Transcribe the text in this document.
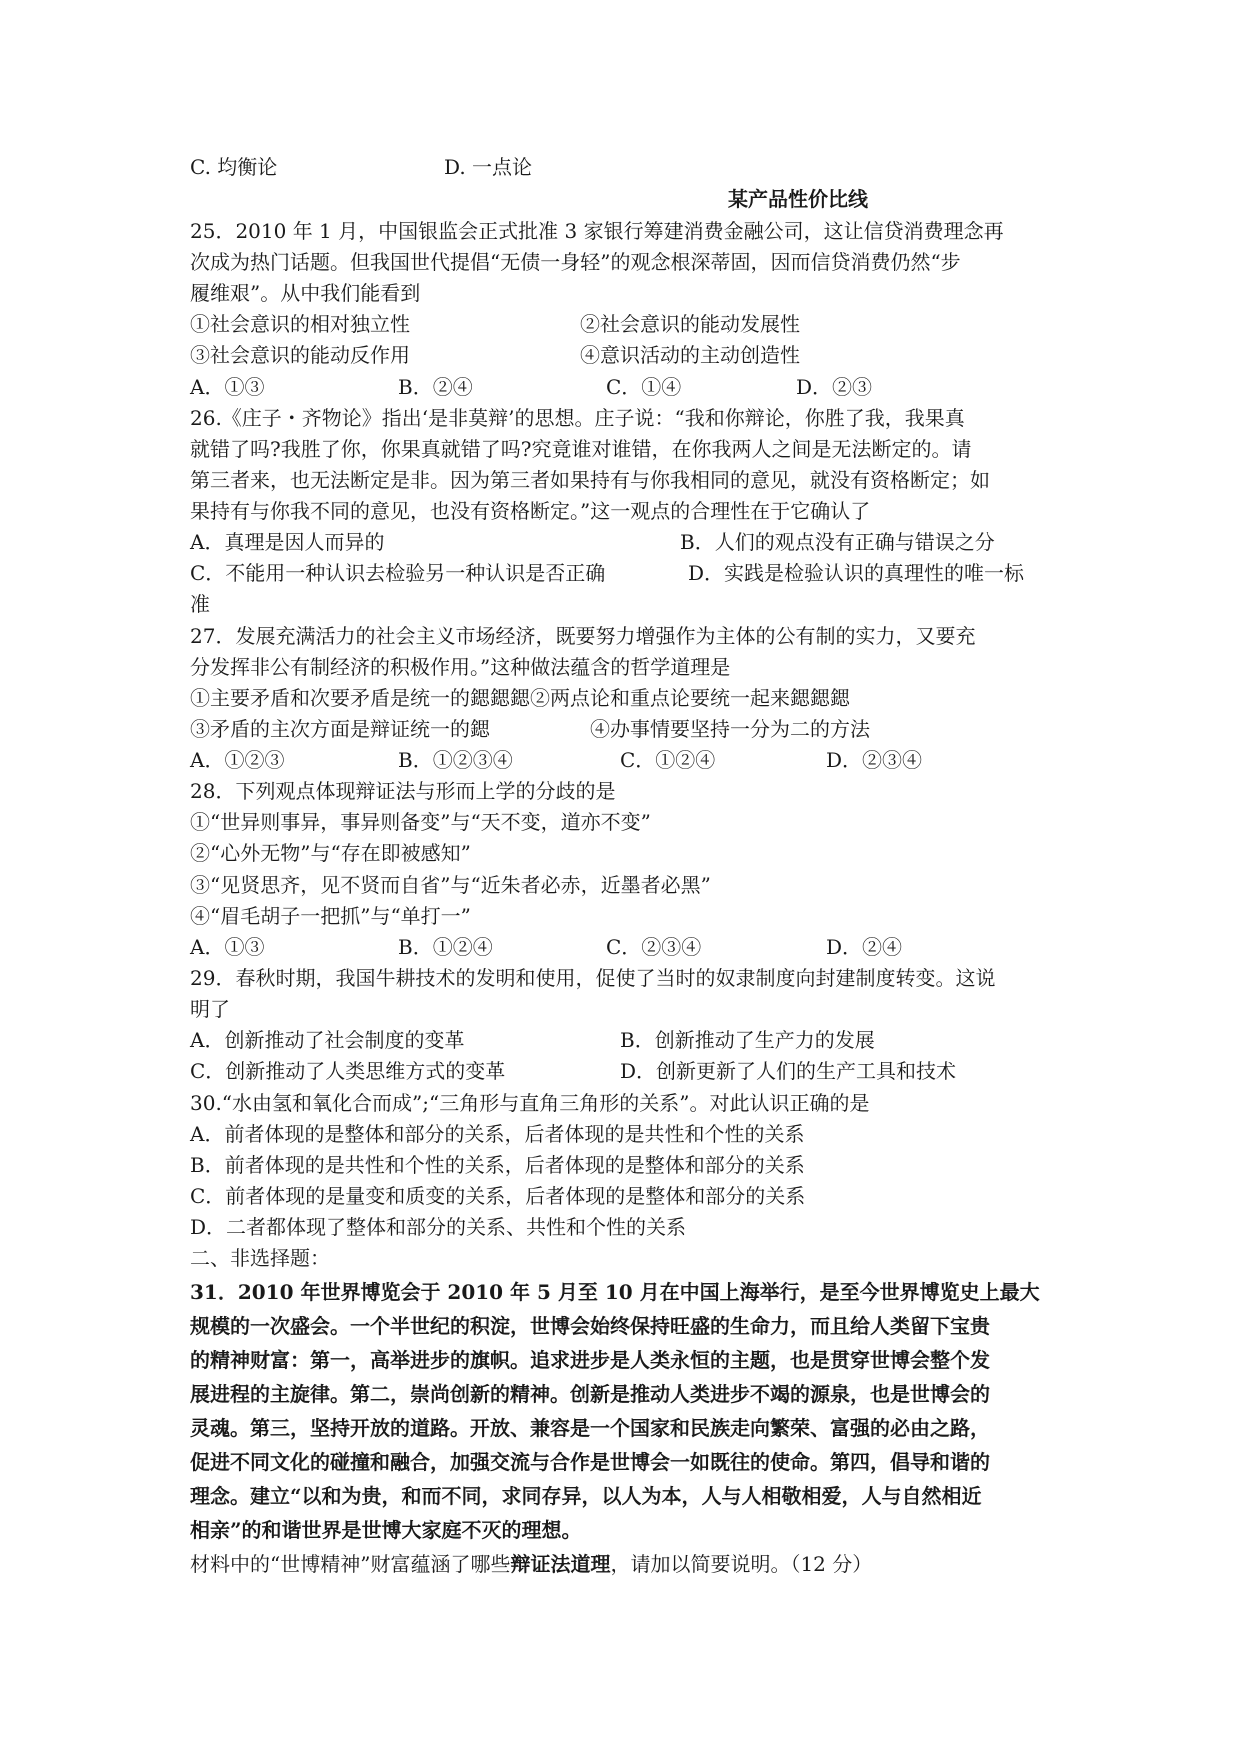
C. 均衡论	D. 一点论
某产品性价比线
25．2010 年 1 月，中国银监会正式批准 3 家银行筹建消费金融公司，这让信贷消费理念再
次成为热门话题。但我国世代提倡“无债一身轻”的观念根深蒂固，因而信贷消费仍然“步
履维艰”。从中我们能看到
①社会意识的相对独立性	②社会意识的能动发展性
③社会意识的能动反作用	④意识活动的主动创造性
A．①③	B．②④	C．①④	D．②③
26.《庄子・齐物论》指出‘是非莫辩’的思想。庄子说：“我和你辩论，你胜了我，我果真
就错了吗?我胜了你，你果真就错了吗?究竟谁对谁错，在你我两人之间是无法断定的。请
第三者来，也无法断定是非。因为第三者如果持有与你我相同的意见，就没有资格断定；如
果持有与你我不同的意见，也没有资格断定。”这一观点的合理性在于它确认了
A．真理是因人而异的	B．人们的观点没有正确与错误之分
C．不能用一种认识去检验另一种认识是否正确	D．实践是检验认识的真理性的唯一标
准
27．发展充满活力的社会主义市场经济，既要努力增强作为主体的公有制的实力，又要充
分发挥非公有制经济的积极作用。”这种做法蕴含的哲学道理是
①主要矛盾和次要矛盾是统一的鍶鍶鍶②两点论和重点论要统一起来鍶鍶鍶
③矛盾的主次方面是辩证统一的鍶	④办事情要坚持一分为二的方法
A．①②③	B．①②③④	C．①②④	D．②③④
28．下列观点体现辩证法与形而上学的分歧的是
①“世异则事异，事异则备变”与“天不变，道亦不变”
②“心外无物”与“存在即被感知”
③“见贤思齐，见不贤而自省”与“近朱者必赤，近墨者必黑”
④“眉毛胡子一把抓”与“单打一”
A．①③	B．①②④	C．②③④	D．②④
29．春秋时期，我国牛耕技术的发明和使用，促使了当时的奴隶制度向封建制度转变。这说
明了
A．创新推动了社会制度的变革	B．创新推动了生产力的发展
C．创新推动了人类思维方式的变革	D．创新更新了人们的生产工具和技术
30.“水由氢和氧化合而成”;“三角形与直角三角形的关系”。对此认识正确的是
A．前者体现的是整体和部分的关系，后者体现的是共性和个性的关系
B．前者体现的是共性和个性的关系，后者体现的是整体和部分的关系
C．前者体现的是量变和质变的关系，后者体现的是整体和部分的关系
D．二者都体现了整体和部分的关系、共性和个性的关系
二、非选择题：
31．2010 年世界博览会于 2010 年 5 月至 10 月在中国上海举行，是至今世界博览史上最大
规模的一次盛会。一个半世纪的积淀，世博会始终保持旺盛的生命力，而且给人类留下宝贵
的精神财富：第一，高举进步的旗帜。追求进步是人类永恒的主题，也是贯穿世博会整个发
展进程的主旋律。第二，崇尚创新的精神。创新是推动人类进步不竭的源泉，也是世博会的
灵魂。第三，坚持开放的道路。开放、兼容是一个国家和民族走向繁荣、富强的必由之路，
促进不同文化的碰撞和融合，加强交流与合作是世博会一如既往的使命。第四，倡导和谐的
理念。建立“以和为贵，和而不同，求同存异，以人为本，人与人相敬相爱，人与自然相近
相亲”的和谐世界是世博大家庭不灭的理想。
材料中的“世博精神”财富蕴涵了哪些辩证法道理，请加以简要说明。（12 分）
